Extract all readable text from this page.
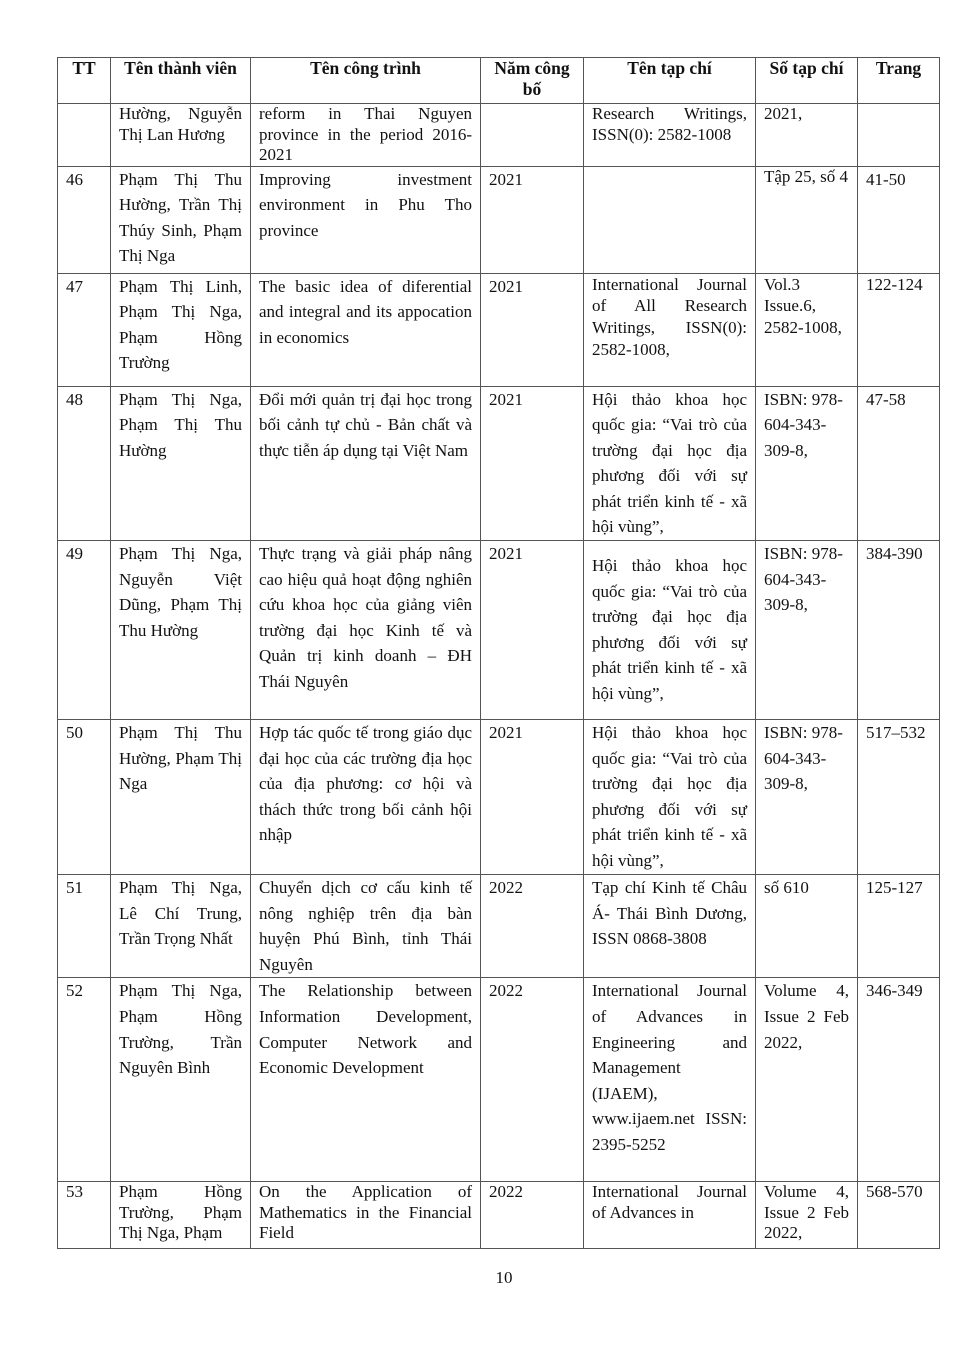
TT	Tên thành viên	Tên công trình	Năm công bố	Tên tạp chí	Số tạp chí	Trang
	Hường, Nguyễn Thị Lan Hương	reform in Thai Nguyen province in the period 2016-2021		Research Writings, ISSN(0): 2582-1008	2021,	
46	Phạm Thị Thu Hường, Trần Thị Thúy Sinh, Phạm Thị Nga	Improving investment environment in Phu Tho province	2021		Tập 25, số 4	41-50
47	Phạm Thị Linh, Phạm Thị Nga, Phạm Hồng Trường	The basic idea of diferential and integral and its appocation in economics	2021	International Journal of All Research Writings, ISSN(0): 2582-1008,	Vol.3 Issue.6, 2582-1008,	122-124
48	Phạm Thị Nga, Phạm Thị Thu Hường	Đổi mới quản trị đại học trong bối cảnh tự chủ - Bản chất và thực tiễn áp dụng tại Việt Nam	2021	Hội thảo khoa học quốc gia: “Vai trò của trường đại học địa phương đối với sự phát triển kinh tế - xã hội vùng”,	ISBN: 978-604-343-309-8,	47-58
49	Phạm Thị Nga, Nguyễn Việt Dũng, Phạm Thị Thu Hường	Thực trạng và giải pháp nâng cao hiệu quả hoạt động nghiên cứu khoa học của giảng viên trường đại học Kinh tế và Quản trị kinh doanh – ĐH Thái Nguyên	2021	Hội thảo khoa học quốc gia: “Vai trò của trường đại học địa phương đối với sự phát triển kinh tế - xã hội vùng”,	ISBN: 978-604-343-309-8,	384-390
50	Phạm Thị Thu Hường, Phạm Thị Nga	Hợp tác quốc tế trong giáo dục đại học của các trường địa học của địa phương: cơ hội và thách thức trong bối cảnh hội nhập	2021	Hội thảo khoa học quốc gia: “Vai trò của trường đại học địa phương đối với sự phát triển kinh tế - xã hội vùng”,	ISBN: 978-604-343-309-8,	517–532
51	Phạm Thị Nga, Lê Chí Trung, Trần Trọng Nhất	Chuyển dịch cơ cấu kinh tế nông nghiệp trên địa bàn huyện Phú Bình, tỉnh Thái Nguyên	2022	Tạp chí Kinh tế Châu Á- Thái Bình Dương, ISSN 0868-3808	số 610	125-127
52	Phạm Thị Nga, Phạm Hồng Trường, Trần Nguyên Bình	The Relationship between Information Development, Computer Network and Economic Development	2022	International Journal of Advances in Engineering and Management (IJAEM), www.ijaem.net ISSN: 2395-5252	Volume 4, Issue 2 Feb 2022,	346-349
53	Phạm Hồng Trường, Phạm Thị Nga, Phạm	On the Application of Mathematics in the Financial Field	2022	International Journal of Advances in	Volume 4, Issue 2 Feb 2022,	568-570
10
